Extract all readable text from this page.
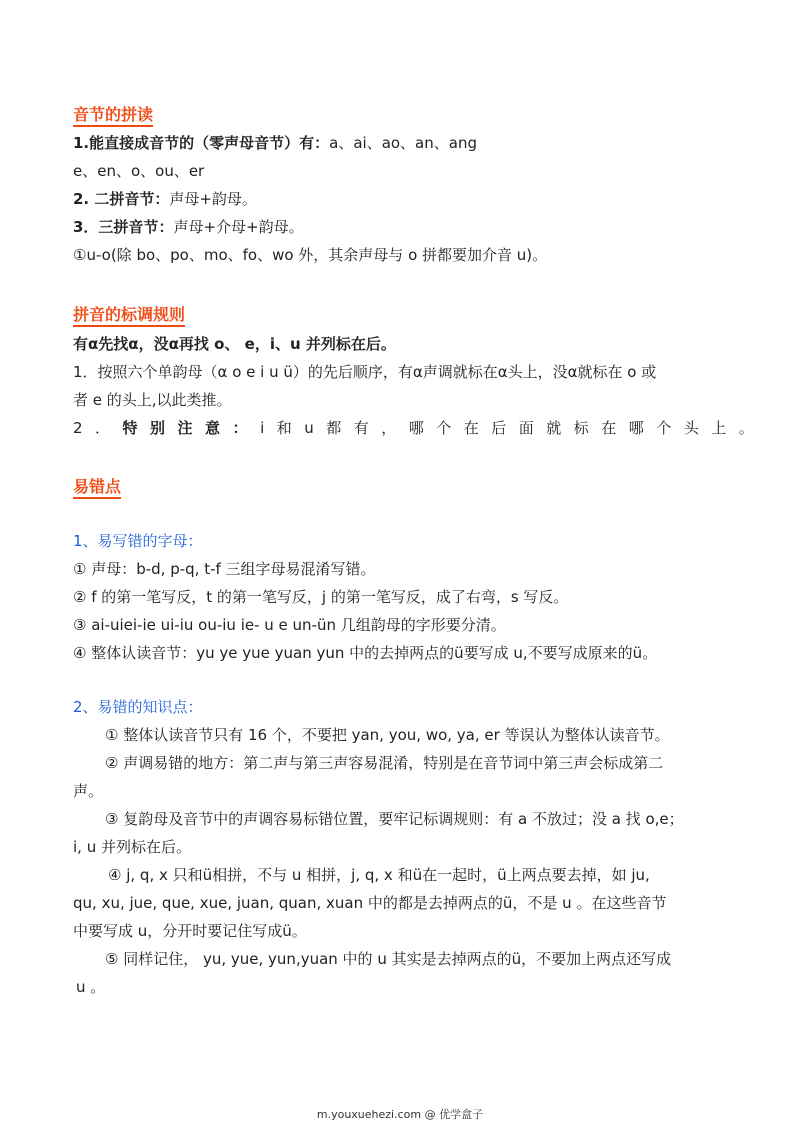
音节的拼读
1.能直接成音节的（零声母音节）有：a、ai、ao、an、ang
e、en、o、ou、er
2. 二拼音节：声母+韵母。
3．三拼音节：声母+介母+韵母。
①u-o(除 bo、po、mo、fo、wo 外，其余声母与 o 拼都要加介音 u)。
拼音的标调规则
有α先找α，没α再找 o、 e，i、u 并列标在后。
1．按照六个单韵母（α o e i u ü）的先后顺序，有α声调就标在α头上，没α就标在 o 或
者 e 的头上,以此类推。
2．特别注意：i和u都有，哪个在后面就标在哪个头上。
易错点
1、易写错的字母：
① 声母：b-d, p-q, t-f 三组字母易混淆写错。
② f 的第一笔写反，t 的第一笔写反，j 的第一笔写反，成了右弯，s 写反。
③ ai-uiei-ie ui-iu ou-iu ie- u e un-ün 几组韵母的字形要分清。
④ 整体认读音节：yu ye yue yuan yun 中的去掉两点的ü要写成 u,不要写成原来的ü。
2、易错的知识点：
① 整体认读音节只有 16 个，不要把 yan, you, wo, ya, er 等误认为整体认读音节。
② 声调易错的地方：第二声与第三声容易混淆，特别是在音节词中第三声会标成第二
声。
③ 复韵母及音节中的声调容易标错位置，要牢记标调规则：有 a 不放过；没 a 找 o,e；
i, u 并列标在后。
④ j, q, x 只和ü相拼，不与 u 相拼，j, q, x 和ü在一起时，ü上两点要去掉，如 ju,
qu, xu, jue, que, xue, juan, quan, xuan 中的都是去掉两点的ü，不是 u 。在这些音节
中要写成 u，分开时要记住写成ü。
⑤ 同样记住， yu, yue, yun,yuan 中的 u 其实是去掉两点的ü，不要加上两点还写成
u 。
m.youxuehezi.com @ 优学盒子
